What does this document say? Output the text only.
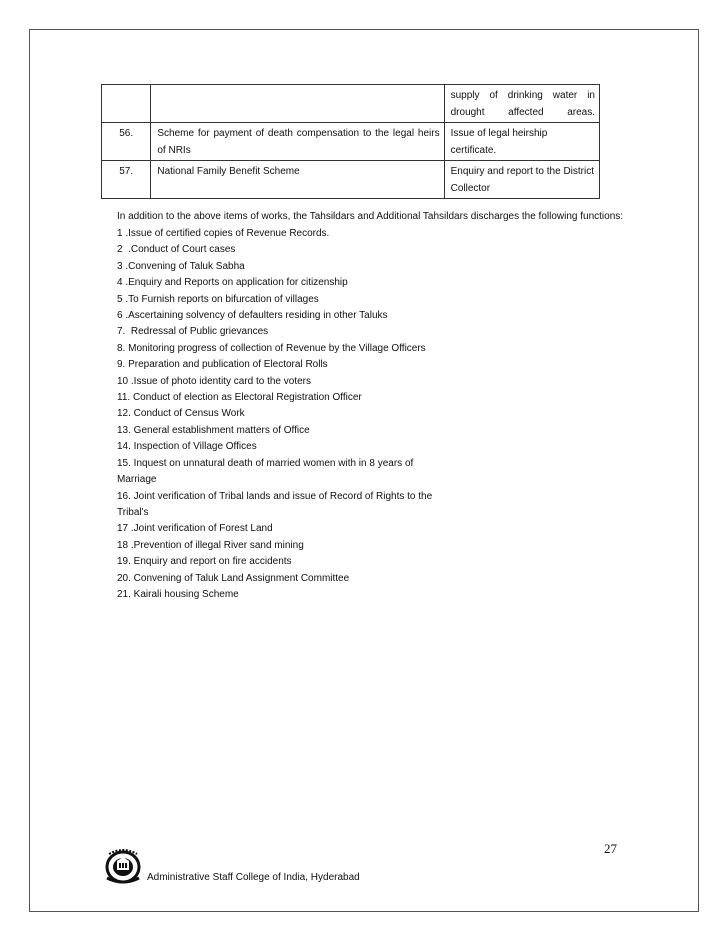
		supply of drinking water in drought affected areas.
56.	Scheme for payment of death compensation to the legal heirs of NRIs	Issue of legal heirship certificate.
57.	National Family Benefit Scheme	Enquiry and report to the District Collector
In addition to the above items of works, the Tahsildars and Additional Tahsildars discharges the following functions:
1 .Issue of certified copies of Revenue Records.
2  .Conduct of Court cases
3 .Convening of Taluk Sabha
4 .Enquiry and Reports on application for citizenship
5 .To Furnish reports on bifurcation of villages
6 .Ascertaining solvency of defaulters residing in other Taluks
7.  Redressal of Public grievances
8. Monitoring progress of collection of Revenue by the Village Officers
9. Preparation and publication of Electoral Rolls
10 .Issue of photo identity card to the voters
11. Conduct of election as Electoral Registration Officer
12. Conduct of Census Work
13. General establishment matters of Office
14. Inspection of Village Offices
15. Inquest on unnatural death of married women with in 8 years of
Marriage
16. Joint verification of Tribal lands and issue of Record of Rights to the
Tribal's
17 .Joint verification of Forest Land
18 .Prevention of illegal River sand mining
19. Enquiry and report on fire accidents
20. Convening of Taluk Land Assignment Committee
21. Kairali housing Scheme
27
Administrative Staff College of India, Hyderabad
